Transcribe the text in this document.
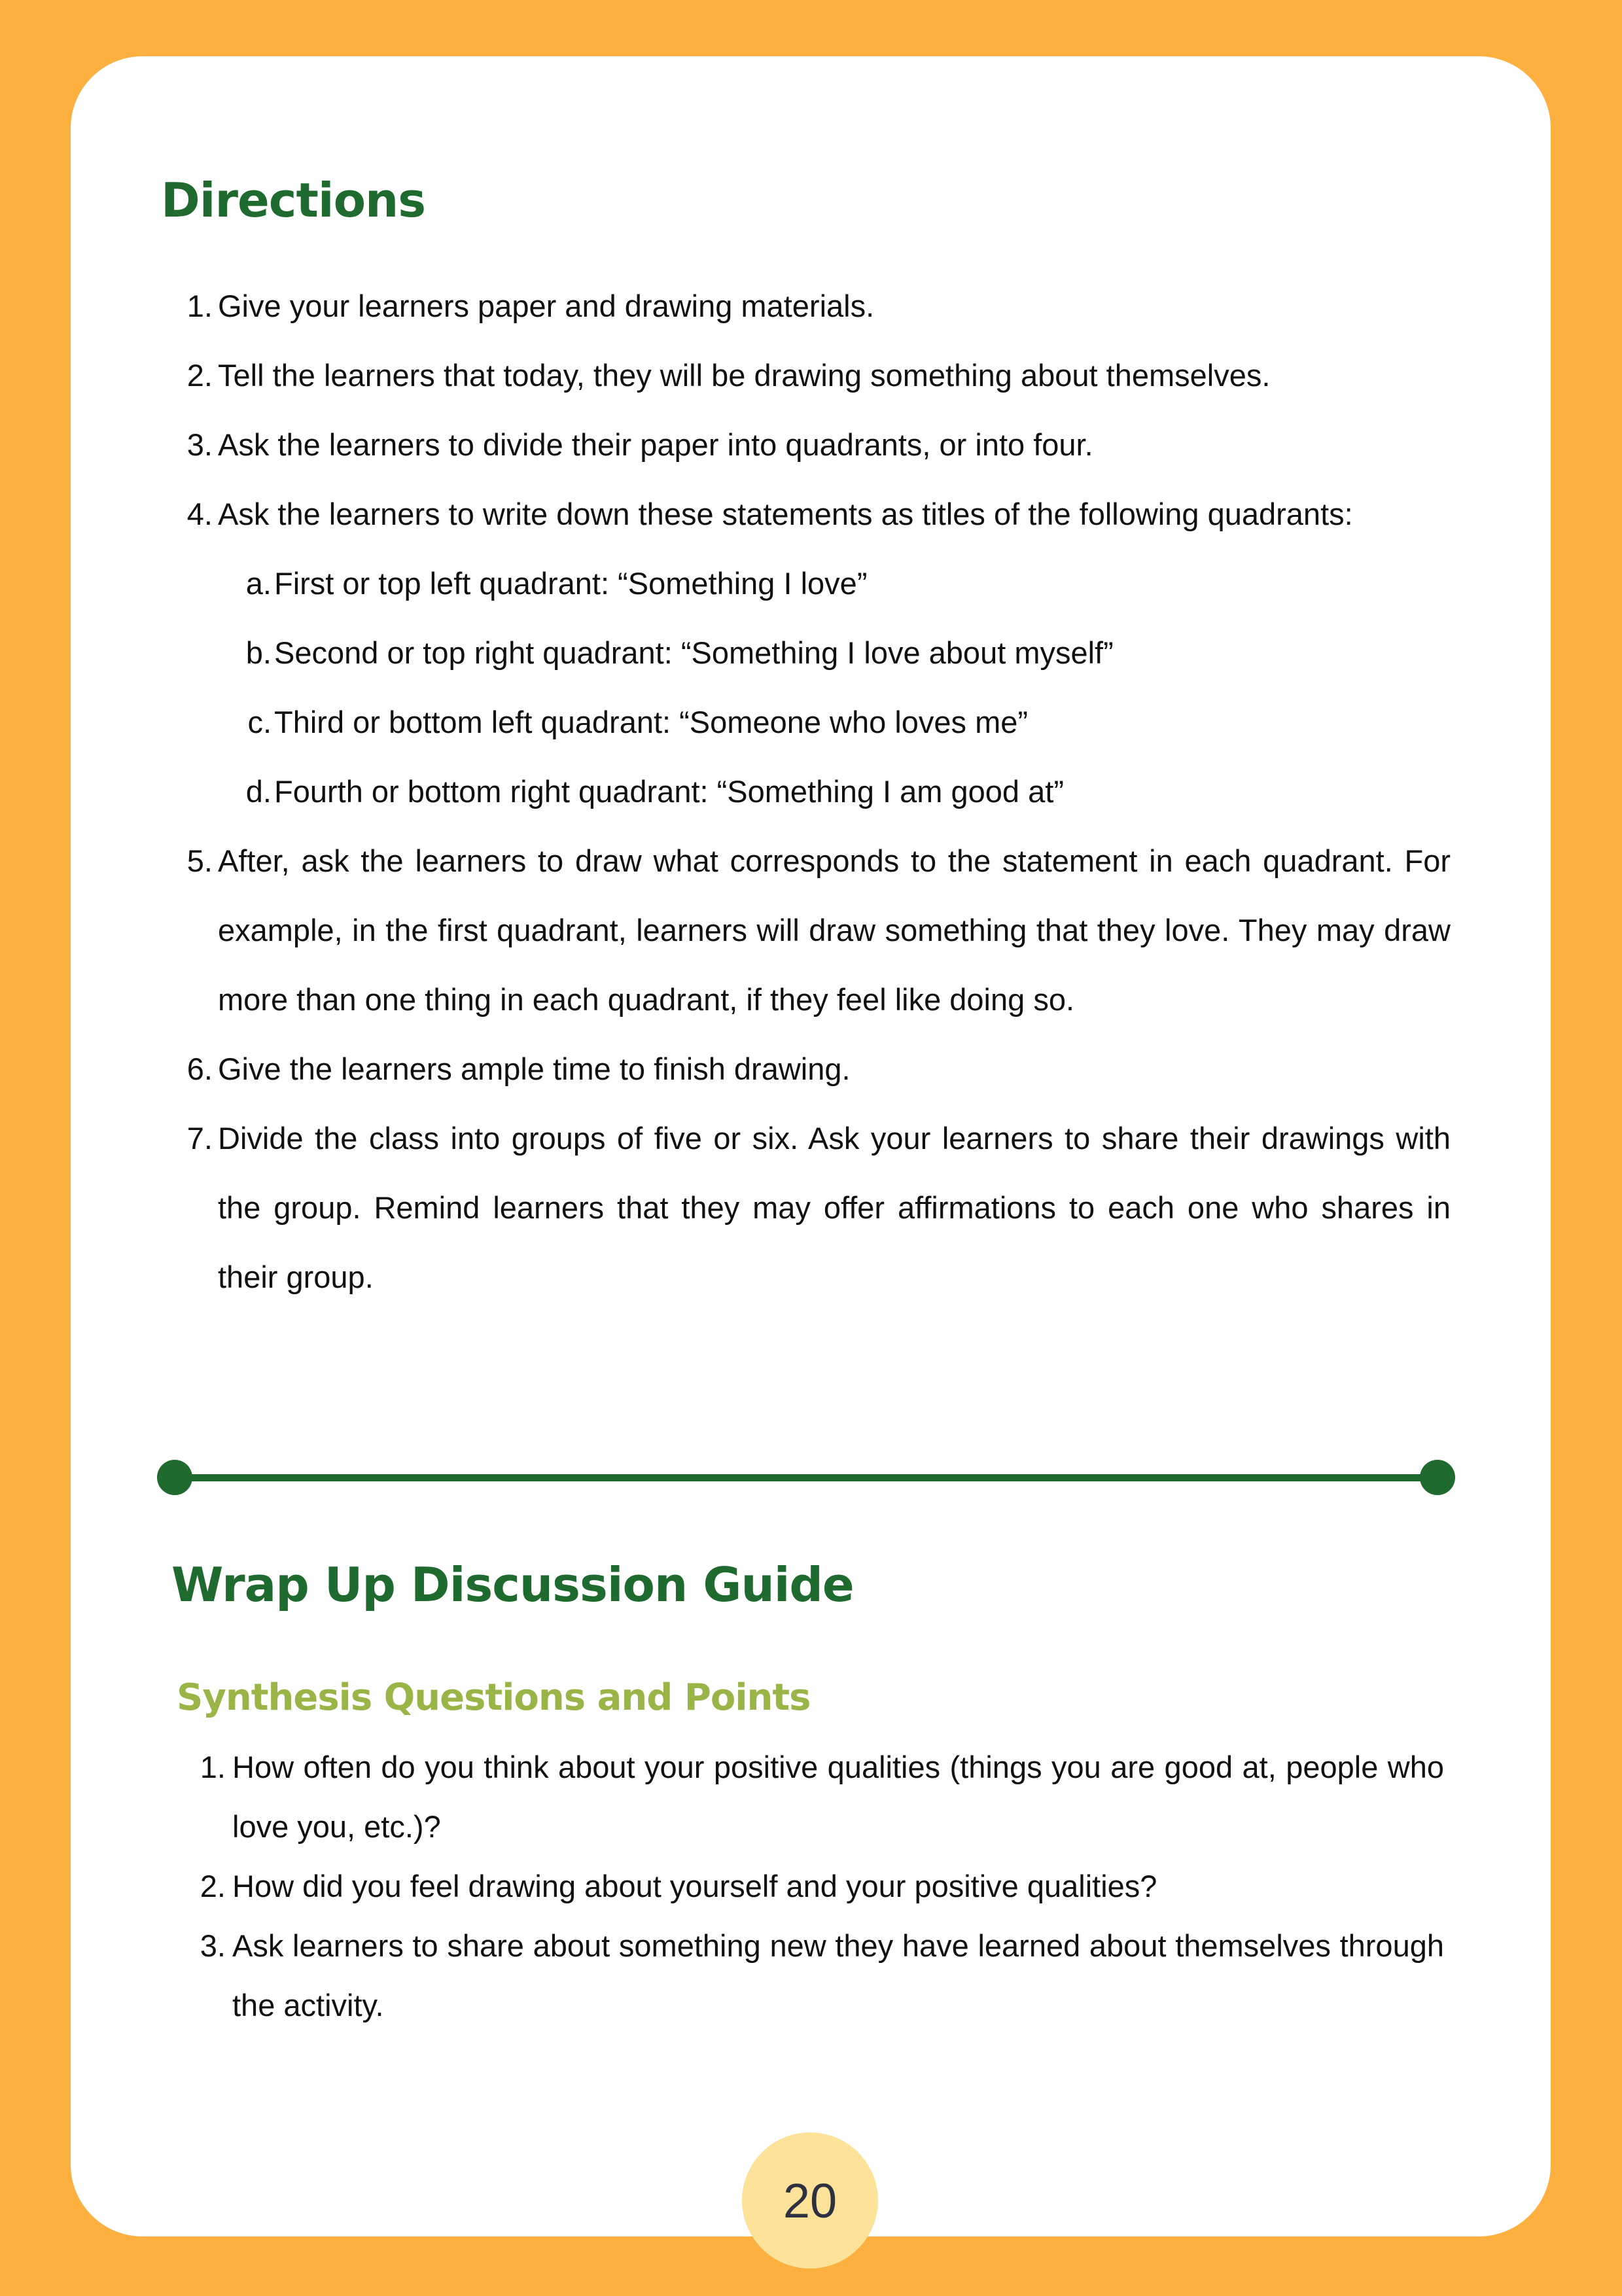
Directions
1. Give your learners paper and drawing materials.
2. Tell the learners that today, they will be drawing something about themselves.
3. Ask the learners to divide their paper into quadrants, or into four.
4. Ask the learners to write down these statements as titles of the following quadrants:
a. First or top left quadrant: “Something I love”
b. Second or top right quadrant: “Something I love about myself”
c. Third or bottom left quadrant: “Someone who loves me”
d. Fourth or bottom right quadrant: “Something I am good at”
5. After, ask the learners to draw what corresponds to the statement in each quadrant. For example, in the first quadrant, learners will draw something that they love. They may draw more than one thing in each quadrant, if they feel like doing so.
6. Give the learners ample time to finish drawing.
7. Divide the class into groups of five or six. Ask your learners to share their drawings with the group. Remind learners that they may offer affirmations to each one who shares in their group.
Wrap Up Discussion Guide
Synthesis Questions and Points
1. How often do you think about your positive qualities (things you are good at, people who love you, etc.)?
2. How did you feel drawing about yourself and your positive qualities?
3. Ask learners to share about something new they have learned about themselves through the activity.
20
